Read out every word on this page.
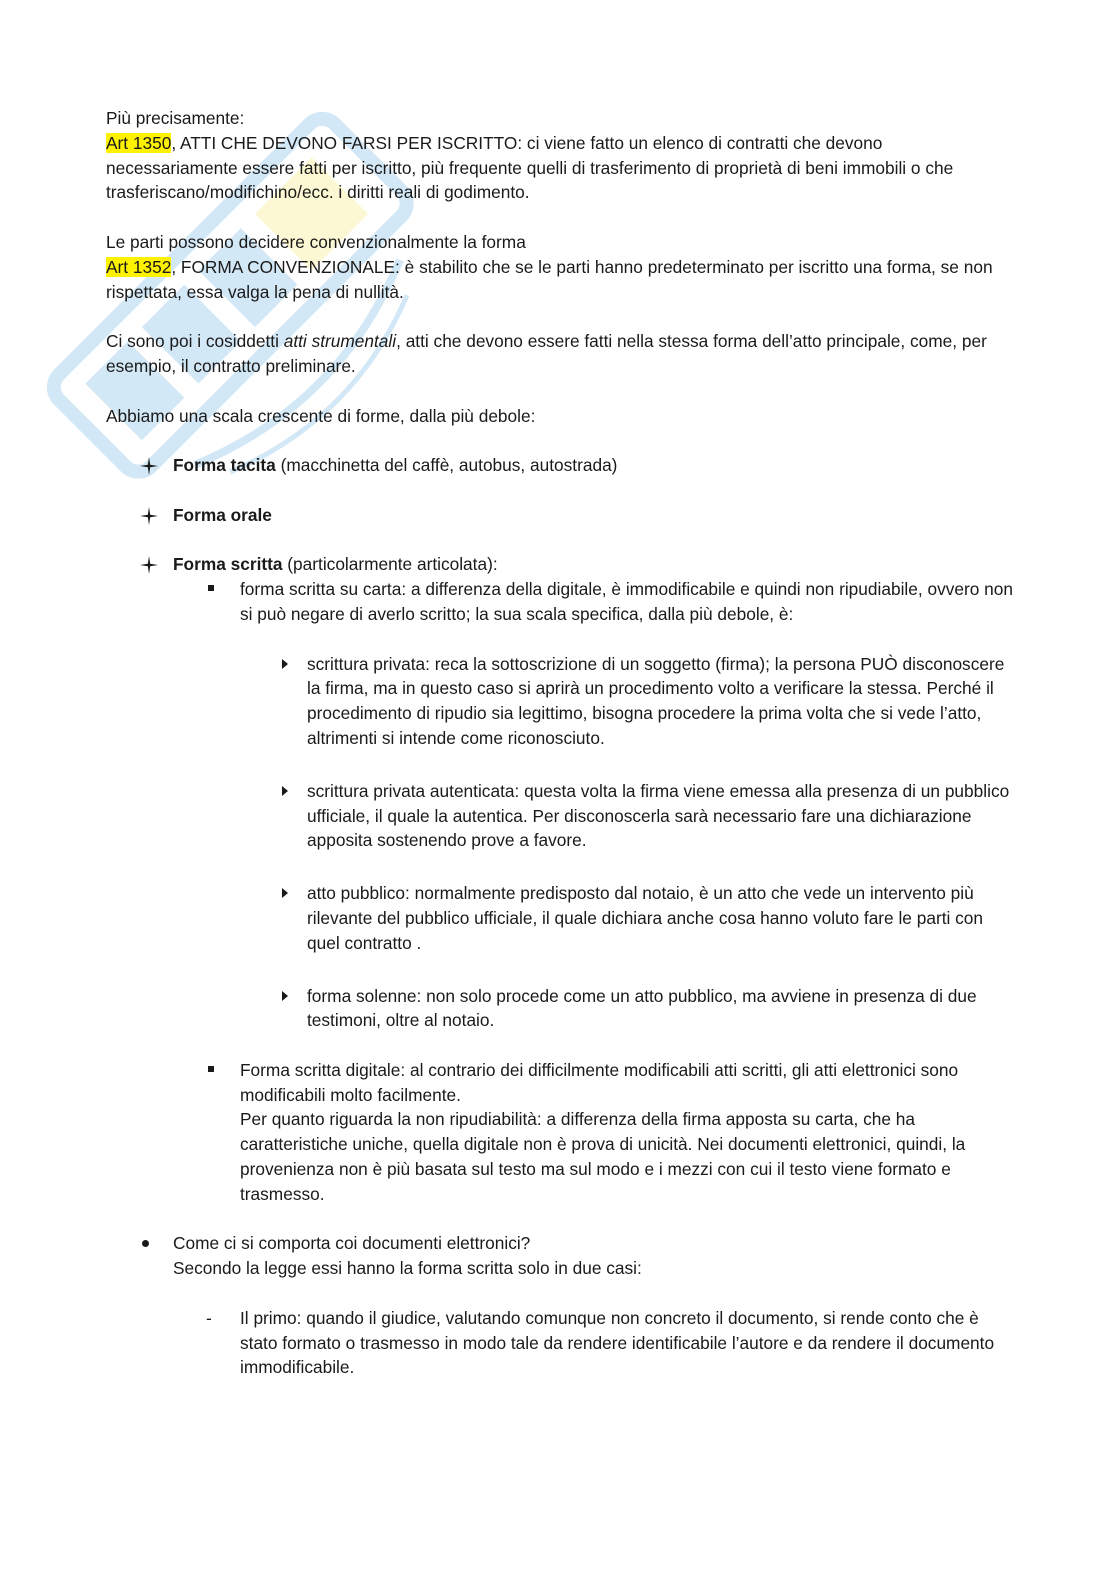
Più precisamente:

Art 1350, ATTI CHE DEVONO FARSI PER ISCRITTO: ci viene fatto un elenco di contratti che devono necessariamente essere fatti per iscritto, più frequente quelli di trasferimento di proprietà di beni immobili o che trasferiscano/modifichino/ecc. i diritti reali di godimento.

Le parti possono decidere convenzionalmente la forma

Art 1352, FORMA CONVENZIONALE: è stabilito che se le parti hanno predeterminato per iscritto una forma, se non rispettata, essa valga la pena di nullità.

Ci sono poi i cosiddetti atti strumentali, atti che devono essere fatti nella stessa forma dell’atto principale, come, per esempio, il contratto preliminare.

Abbiamo una scala crescente di forme, dalla più debole:

Forma tacita (macchinetta del caffè, autobus, autostrada)

Forma orale

Forma scritta (particolarmente articolata):

forma scritta su carta: a differenza della digitale, è immodificabile e quindi non ripudiabile, ovvero non si può negare di averlo scritto; la sua scala specifica, dalla più debole, è:

scrittura privata: reca la sottoscrizione di un soggetto (firma); la persona PUÒ disconoscere la firma, ma in questo caso si aprirà un procedimento volto a verificare la stessa. Perché il procedimento di ripudio sia legittimo, bisogna procedere la prima volta che si vede l’atto, altrimenti si intende come riconosciuto.

scrittura privata autenticata: questa volta la firma viene emessa alla presenza di un pubblico ufficiale, il quale la autentica. Per disconoscerla sarà necessario fare una dichiarazione apposita sostenendo prove a favore.

atto pubblico: normalmente predisposto dal notaio, è un atto che vede un intervento più rilevante del pubblico ufficiale, il quale dichiara anche cosa hanno voluto fare le parti con quel contratto .

forma solenne: non solo procede come un atto pubblico, ma avviene in presenza di due testimoni, oltre al notaio.

Forma scritta digitale: al contrario dei difficilmente modificabili atti scritti, gli atti elettronici sono modificabili molto facilmente.

Per quanto riguarda la non ripudiabilità: a differenza della firma apposta su carta, che ha caratteristiche uniche, quella digitale non è prova di unicità. Nei documenti elettronici, quindi, la provenienza non è più basata sul testo ma sul modo e i mezzi con cui il testo viene formato e trasmesso.

Come ci si comporta coi documenti elettronici?

Secondo la legge essi hanno la forma scritta solo in due casi:

- Il primo: quando il giudice, valutando comunque non concreto il documento, si rende conto che è stato formato o trasmesso in modo tale da rendere identificabile l’autore e da rendere il documento immodificabile.
